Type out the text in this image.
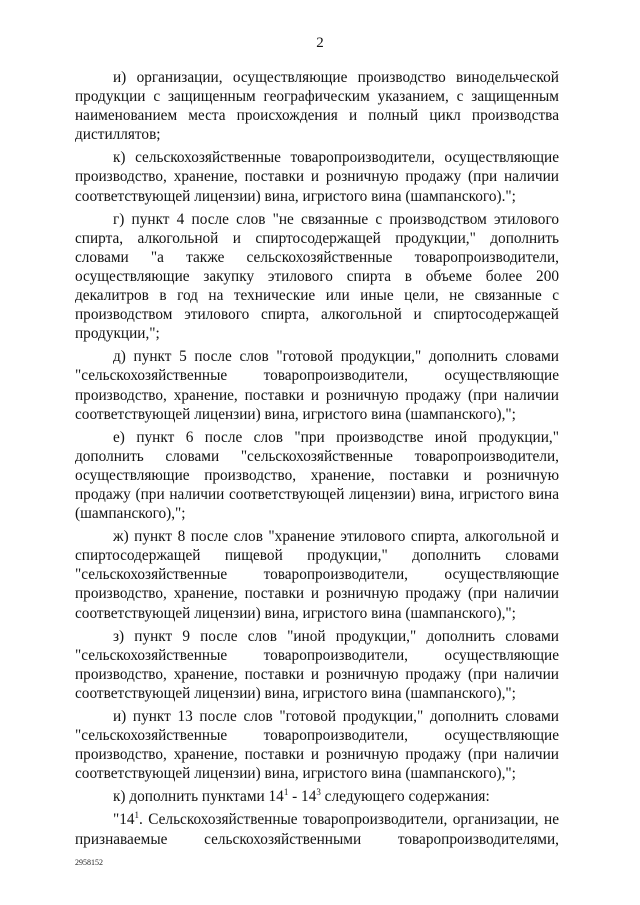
2

и) организации, осуществляющие производство винодельческой продукции с защищенным географическим указанием, с защищенным наименованием места происхождения и полный цикл производства дистиллятов;

к) сельскохозяйственные товаропроизводители, осуществляющие производство, хранение, поставки и розничную продажу (при наличии соответствующей лицензии) вина, игристого вина (шампанского).";

г) пункт 4 после слов "не связанные с производством этилового спирта, алкогольной и спиртосодержащей продукции," дополнить словами "а также сельскохозяйственные товаропроизводители, осуществляющие закупку этилового спирта в объеме более 200 декалитров в год на технические или иные цели, не связанные с производством этилового спирта, алкогольной и спиртосодержащей продукции,";

д) пункт 5 после слов "готовой продукции," дополнить словами "сельскохозяйственные товаропроизводители, осуществляющие производство, хранение, поставки и розничную продажу (при наличии соответствующей лицензии) вина, игристого вина (шампанского),";

е) пункт 6 после слов "при производстве иной продукции," дополнить словами "сельскохозяйственные товаропроизводители, осуществляющие производство, хранение, поставки и розничную продажу (при наличии соответствующей лицензии) вина, игристого вина (шампанского),";

ж) пункт 8 после слов "хранение этилового спирта, алкогольной и спиртосодержащей пищевой продукции," дополнить словами "сельскохозяйственные товаропроизводители, осуществляющие производство, хранение, поставки и розничную продажу (при наличии соответствующей лицензии) вина, игристого вина (шампанского),";

з) пункт 9 после слов "иной продукции," дополнить словами "сельскохозяйственные товаропроизводители, осуществляющие производство, хранение, поставки и розничную продажу (при наличии соответствующей лицензии) вина, игристого вина (шампанского),";

и) пункт 13 после слов "готовой продукции," дополнить словами "сельскохозяйственные товаропроизводители, осуществляющие производство, хранение, поставки и розничную продажу (при наличии соответствующей лицензии) вина, игристого вина (шампанского),";

к) дополнить пунктами $14^1 - 14^3$ следующего содержания:

"$14^1$. Сельскохозяйственные товаропроизводители, организации, не признаваемые сельскохозяйственными товаропроизводителями,

2958152
